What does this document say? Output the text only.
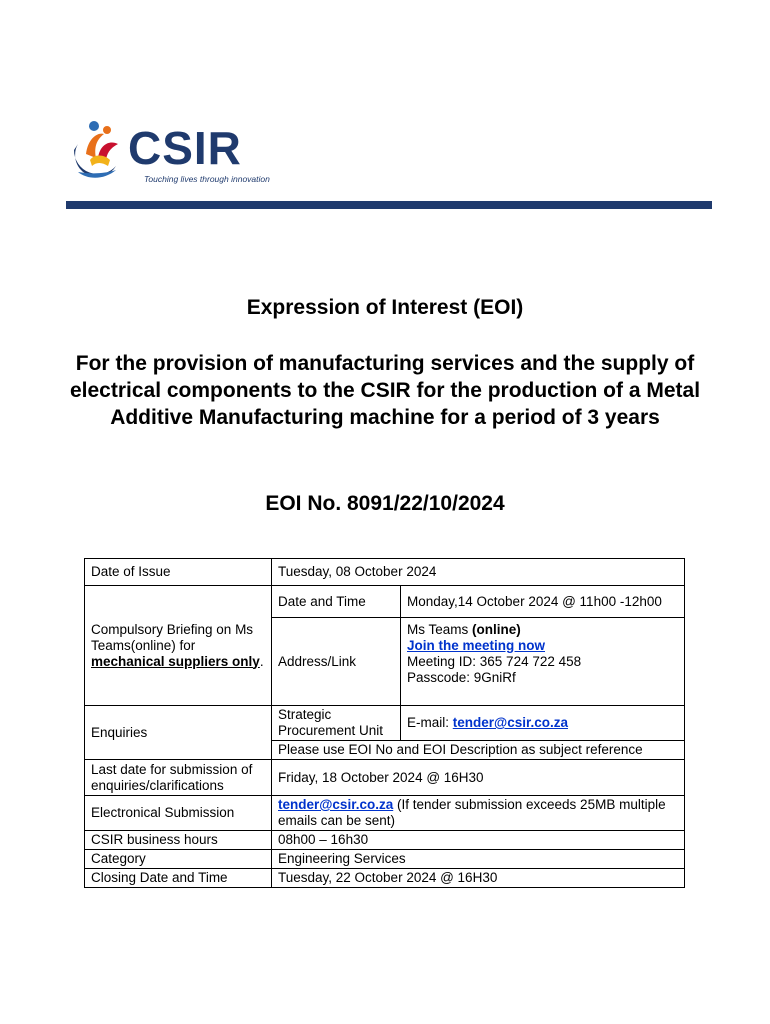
CSIR
Touching lives through innovation
Expression of Interest (EOI)
For the provision of manufacturing services and the supply of electrical components to the CSIR for the production of a Metal Additive Manufacturing machine for a period of 3 years
EOI No. 8091/22/10/2024
Date of Issue	Tuesday, 08 October 2024	
Compulsory Briefing on Ms Teams(online) for mechanical suppliers only.	Date and Time	Monday,14 October 2024 @ 11h00 -12h00
	Address/Link	Ms Teams (online)
Join the meeting now
Meeting ID: 365 724 722 458
Passcode: 9GniRf

Enquiries	Strategic Procurement Unit	E-mail: tender@csir.co.za
	Please use EOI No and EOI Description as subject reference	
Last date for submission of enquiries/clarifications	Friday, 18 October 2024 @ 16H30	
Electronical Submission	tender@csir.co.za (If tender submission exceeds 25MB multiple emails can be sent)	
CSIR business hours	08h00 – 16h30	
Category	Engineering Services	
Closing Date and Time	Tuesday, 22 October 2024 @ 16H30	
